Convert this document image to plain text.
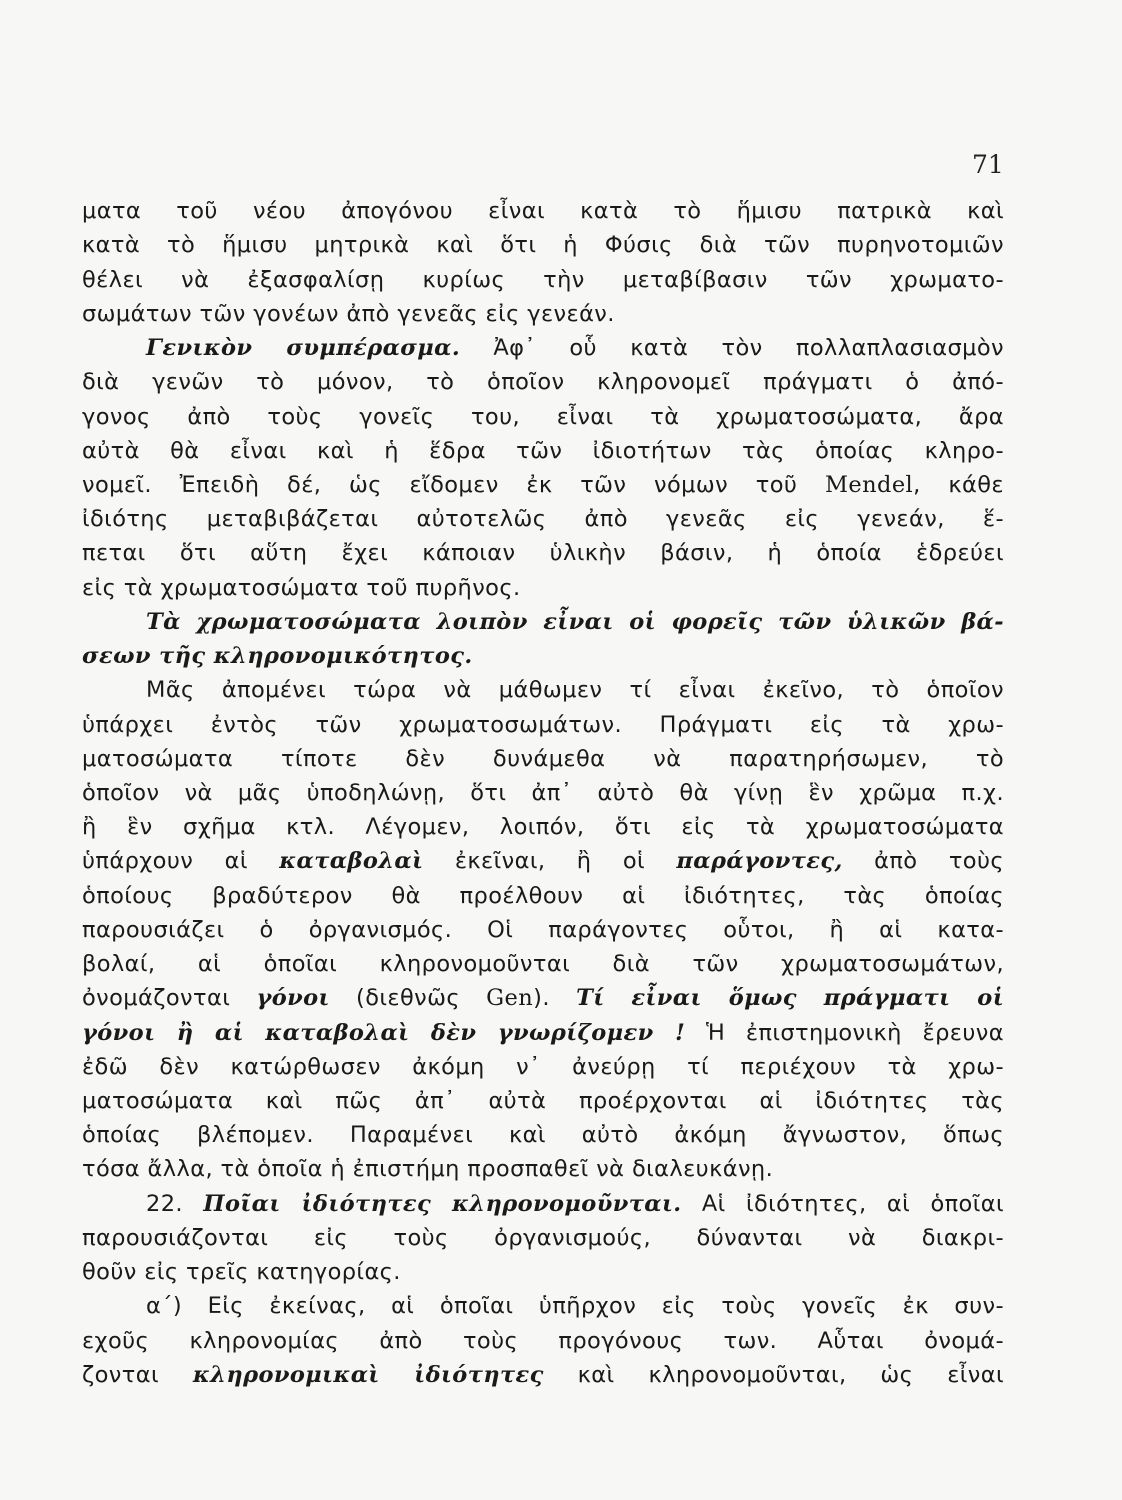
71
ματα τοῦ νέου ἀπογόνου εἶναι κατὰ τὸ ἥμισυ πατρικὰ καὶ
κατὰ τὸ ἥμισυ μητρικὰ καὶ ὅτι ἡ Φύσις διὰ τῶν πυρηνοτομιῶν
θέλει νὰ ἐξασφαλίσῃ κυρίως τὴν μεταβίβασιν τῶν χρωματο-
σωμάτων τῶν γονέων ἀπὸ γενεᾶς εἰς γενεάν.
Γενικὸν συμπέρασμα. Ἀφ᾽ οὗ κατὰ τὸν πολλαπλασιασμὸν
διὰ γενῶν τὸ μόνον, τὸ ὁποῖον κληρονομεῖ πράγματι ὁ ἀπό-
γονος ἀπὸ τοὺς γονεῖς του, εἶναι τὰ χρωματοσώματα, ἄρα
αὐτὰ θὰ εἶναι καὶ ἡ ἕδρα τῶν ἰδιοτήτων τὰς ὁποίας κληρο-
νομεῖ. Ἐπειδὴ δέ, ὡς εἴδομεν ἐκ τῶν νόμων τοῦ Mendel, κάθε
ἰδιότης μεταβιβάζεται αὐτοτελῶς ἀπὸ γενεᾶς εἰς γενεάν, ἕ-
πεται ὅτι αὕτη ἔχει κάποιαν ὑλικὴν βάσιν, ἡ ὁποία ἑδρεύει
εἰς τὰ χρωματοσώματα τοῦ πυρῆνος.
Τὰ χρωματοσώματα λοιπὸν εἶναι οἱ φορεῖς τῶν ὑλικῶν βά-
σεων τῆς κληρονομικότητος.
Μᾶς ἀπομένει τώρα νὰ μάθωμεν τί εἶναι ἐκεῖνο, τὸ ὁποῖον
ὑπάρχει ἐντὸς τῶν χρωματοσωμάτων. Πράγματι εἰς τὰ χρω-
ματοσώματα τίποτε δὲν δυνάμεθα νὰ παρατηρήσωμεν, τὸ
ὁποῖον νὰ μᾶς ὑποδηλώνῃ, ὅτι ἀπ᾽ αὐτὸ θὰ γίνῃ ἓν χρῶμα π.χ.
ἢ ἓν σχῆμα κτλ. Λέγομεν, λοιπόν, ὅτι εἰς τὰ χρωματοσώματα
ὑπάρχουν αἱ καταβολαὶ ἐκεῖναι, ἢ οἱ παράγοντες, ἀπὸ τοὺς
ὁποίους βραδύτερον θὰ προέλθουν αἱ ἰδιότητες, τὰς ὁποίας
παρουσιάζει ὁ ὀργανισμός. Οἱ παράγοντες οὗτοι, ἢ αἱ κατα-
βολαί, αἱ ὁποῖαι κληρονομοῦνται διὰ τῶν χρωματοσωμάτων,
ὀνομάζονται γόνοι (διεθνῶς Gen). Τί εἶναι ὅμως πράγματι οἱ
γόνοι ἢ αἱ καταβολαὶ δὲν γνωρίζομεν ! Ἡ ἐπιστημονικὴ ἔρευνα
ἐδῶ δὲν κατώρθωσεν ἀκόμη ν᾽ ἀνεύρῃ τί περιέχουν τὰ χρω-
ματοσώματα καὶ πῶς ἀπ᾽ αὐτὰ προέρχονται αἱ ἰδιότητες τὰς
ὁποίας βλέπομεν. Παραμένει καὶ αὐτὸ ἀκόμη ἄγνωστον, ὅπως
τόσα ἄλλα, τὰ ὁποῖα ἡ ἐπιστήμη προσπαθεῖ νὰ διαλευκάνῃ.
22. Ποῖαι ἰδιότητες κληρονομοῦνται. Αἱ ἰδιότητες, αἱ ὁποῖαι
παρουσιάζονται εἰς τοὺς ὀργανισμούς, δύνανται νὰ διακρι-
θοῦν εἰς τρεῖς κατηγορίας.
α΄) Εἰς ἐκείνας, αἱ ὁποῖαι ὑπῆρχον εἰς τοὺς γονεῖς ἐκ συν-
εχοῦς κληρονομίας ἀπὸ τοὺς προγόνους των. Αὗται ὀνομά-
ζονται κληρονομικαὶ ἰδιότητες καὶ κληρονομοῦνται, ὡς εἶναι
